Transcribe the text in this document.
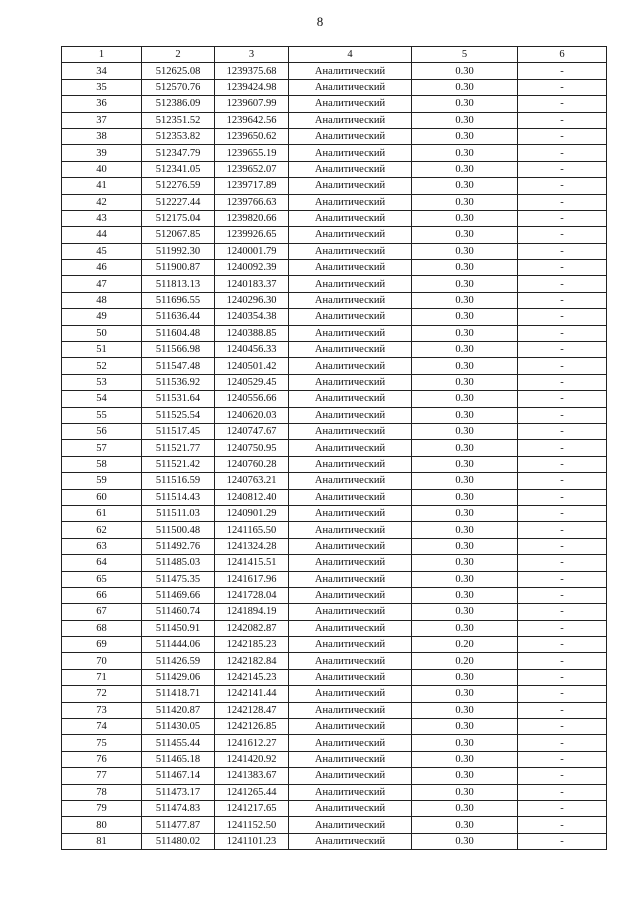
8
1	2	3	4	5	6
34	512625.08	1239375.68	Аналитический	0.30	-
35	512570.76	1239424.98	Аналитический	0.30	-
36	512386.09	1239607.99	Аналитический	0.30	-
37	512351.52	1239642.56	Аналитический	0.30	-
38	512353.82	1239650.62	Аналитический	0.30	-
39	512347.79	1239655.19	Аналитический	0.30	-
40	512341.05	1239652.07	Аналитический	0.30	-
41	512276.59	1239717.89	Аналитический	0.30	-
42	512227.44	1239766.63	Аналитический	0.30	-
43	512175.04	1239820.66	Аналитический	0.30	-
44	512067.85	1239926.65	Аналитический	0.30	-
45	511992.30	1240001.79	Аналитический	0.30	-
46	511900.87	1240092.39	Аналитический	0.30	-
47	511813.13	1240183.37	Аналитический	0.30	-
48	511696.55	1240296.30	Аналитический	0.30	-
49	511636.44	1240354.38	Аналитический	0.30	-
50	511604.48	1240388.85	Аналитический	0.30	-
51	511566.98	1240456.33	Аналитический	0.30	-
52	511547.48	1240501.42	Аналитический	0.30	-
53	511536.92	1240529.45	Аналитический	0.30	-
54	511531.64	1240556.66	Аналитический	0.30	-
55	511525.54	1240620.03	Аналитический	0.30	-
56	511517.45	1240747.67	Аналитический	0.30	-
57	511521.77	1240750.95	Аналитический	0.30	-
58	511521.42	1240760.28	Аналитический	0.30	-
59	511516.59	1240763.21	Аналитический	0.30	-
60	511514.43	1240812.40	Аналитический	0.30	-
61	511511.03	1240901.29	Аналитический	0.30	-
62	511500.48	1241165.50	Аналитический	0.30	-
63	511492.76	1241324.28	Аналитический	0.30	-
64	511485.03	1241415.51	Аналитический	0.30	-
65	511475.35	1241617.96	Аналитический	0.30	-
66	511469.66	1241728.04	Аналитический	0.30	-
67	511460.74	1241894.19	Аналитический	0.30	-
68	511450.91	1242082.87	Аналитический	0.30	-
69	511444.06	1242185.23	Аналитический	0.20	-
70	511426.59	1242182.84	Аналитический	0.20	-
71	511429.06	1242145.23	Аналитический	0.30	-
72	511418.71	1242141.44	Аналитический	0.30	-
73	511420.87	1242128.47	Аналитический	0.30	-
74	511430.05	1242126.85	Аналитический	0.30	-
75	511455.44	1241612.27	Аналитический	0.30	-
76	511465.18	1241420.92	Аналитический	0.30	-
77	511467.14	1241383.67	Аналитический	0.30	-
78	511473.17	1241265.44	Аналитический	0.30	-
79	511474.83	1241217.65	Аналитический	0.30	-
80	511477.87	1241152.50	Аналитический	0.30	-
81	511480.02	1241101.23	Аналитический	0.30	-
